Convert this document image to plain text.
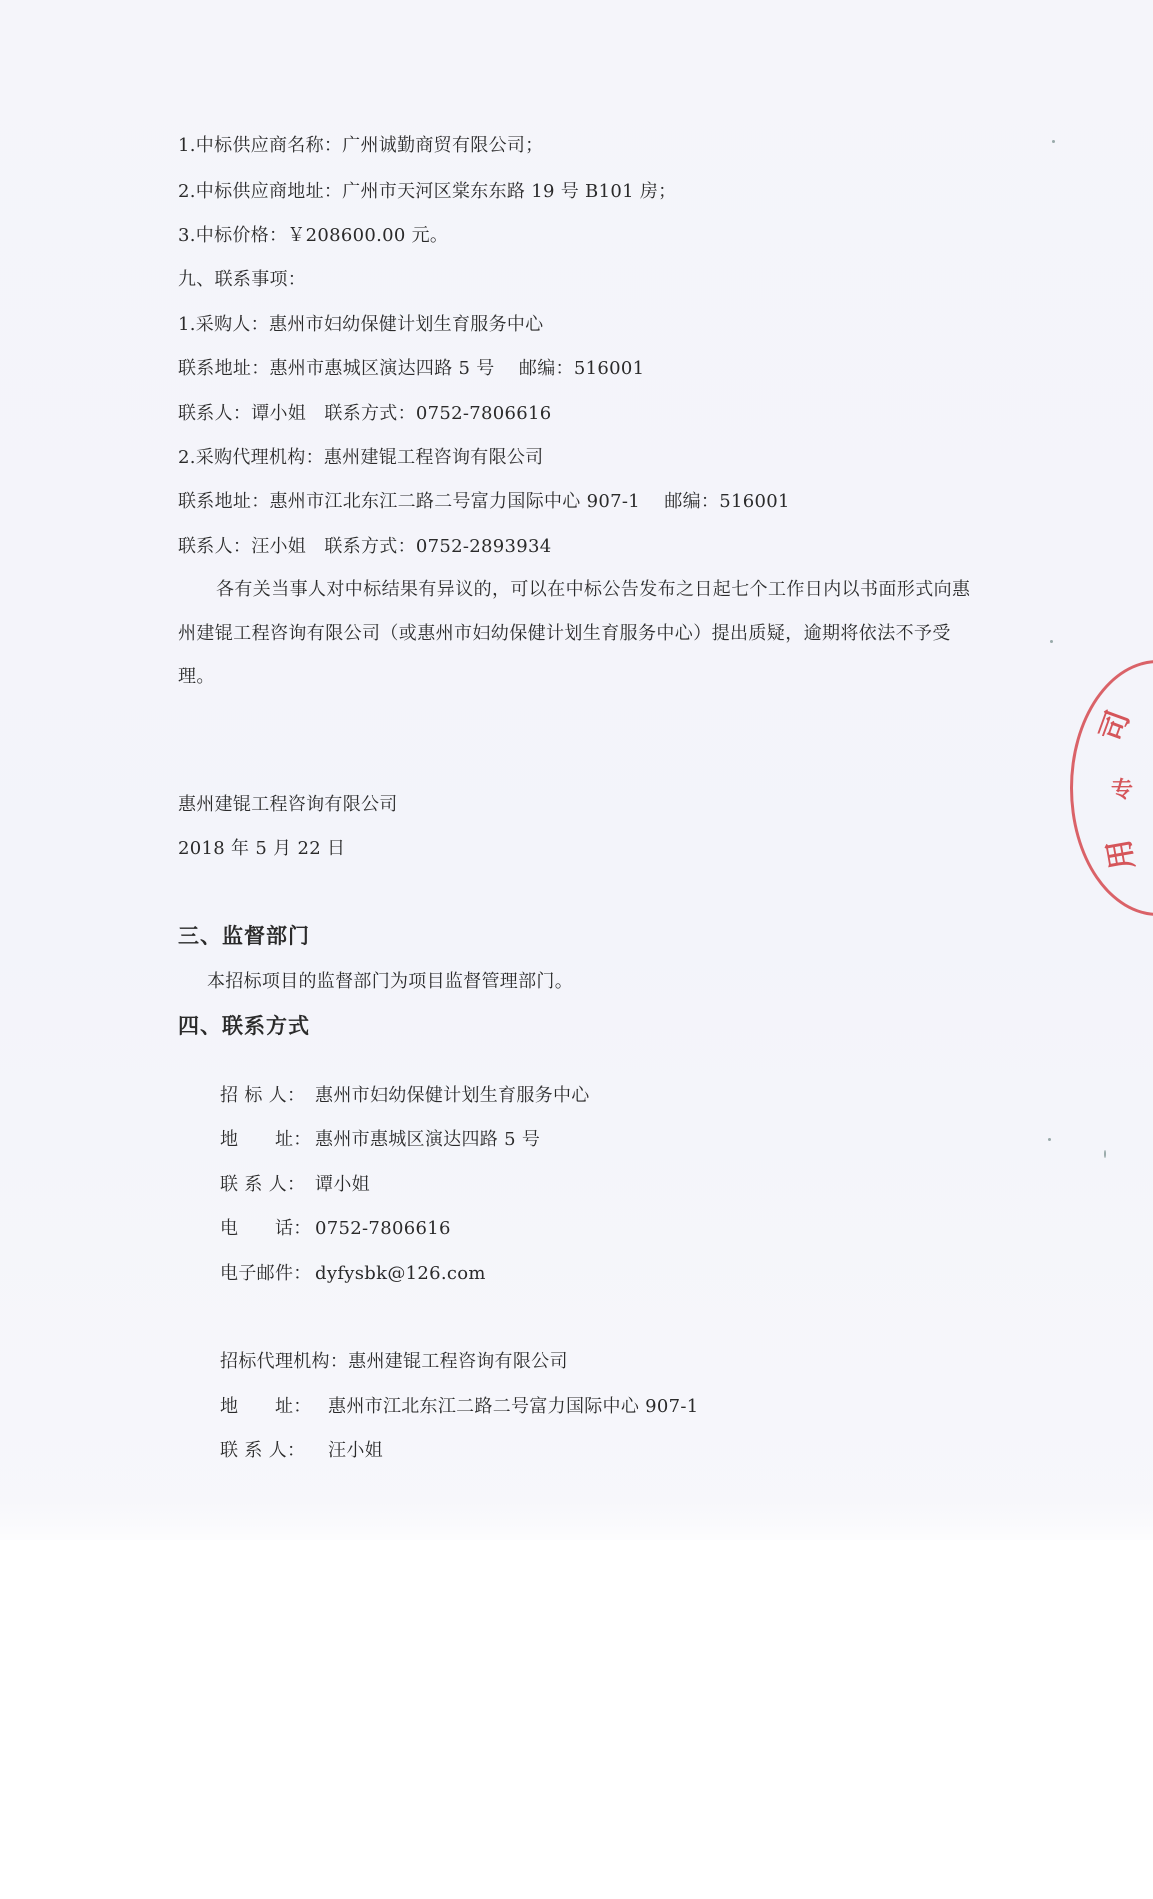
1.中标供应商名称：广州诚勤商贸有限公司；
2.中标供应商地址：广州市天河区棠东东路 19 号 B101 房；
3.中标价格：￥208600.00 元。
九、联系事项：
1.采购人：惠州市妇幼保健计划生育服务中心
联系地址：惠州市惠城区演达四路 5 号　 邮编：516001
联系人：谭小姐　联系方式：0752-7806616
2.采购代理机构：惠州建锟工程咨询有限公司
联系地址：惠州市江北东江二路二号富力国际中心 907-1　 邮编：516001
联系人：汪小姐　联系方式：0752-2893934
各有关当事人对中标结果有异议的，可以在中标公告发布之日起七个工作日内以书面形式向惠州建锟工程咨询有限公司（或惠州市妇幼保健计划生育服务中心）提出质疑，逾期将依法不予受理。
惠州建锟工程咨询有限公司
2018 年 5 月 22 日
司
专
用
三、监督部门
本招标项目的监督部门为项目监督管理部门。
四、联系方式

招 标 人： 惠州市妇幼保健计划生育服务中心

地　　址： 惠州市惠城区演达四路 5 号

联 系 人： 谭小姐

电　　话： 0752-7806616

电子邮件： dyfysbk@126.com

招标代理机构：惠州建锟工程咨询有限公司

地　　址： 惠州市江北东江二路二号富力国际中心 907-1

联 系 人： 汪小姐
